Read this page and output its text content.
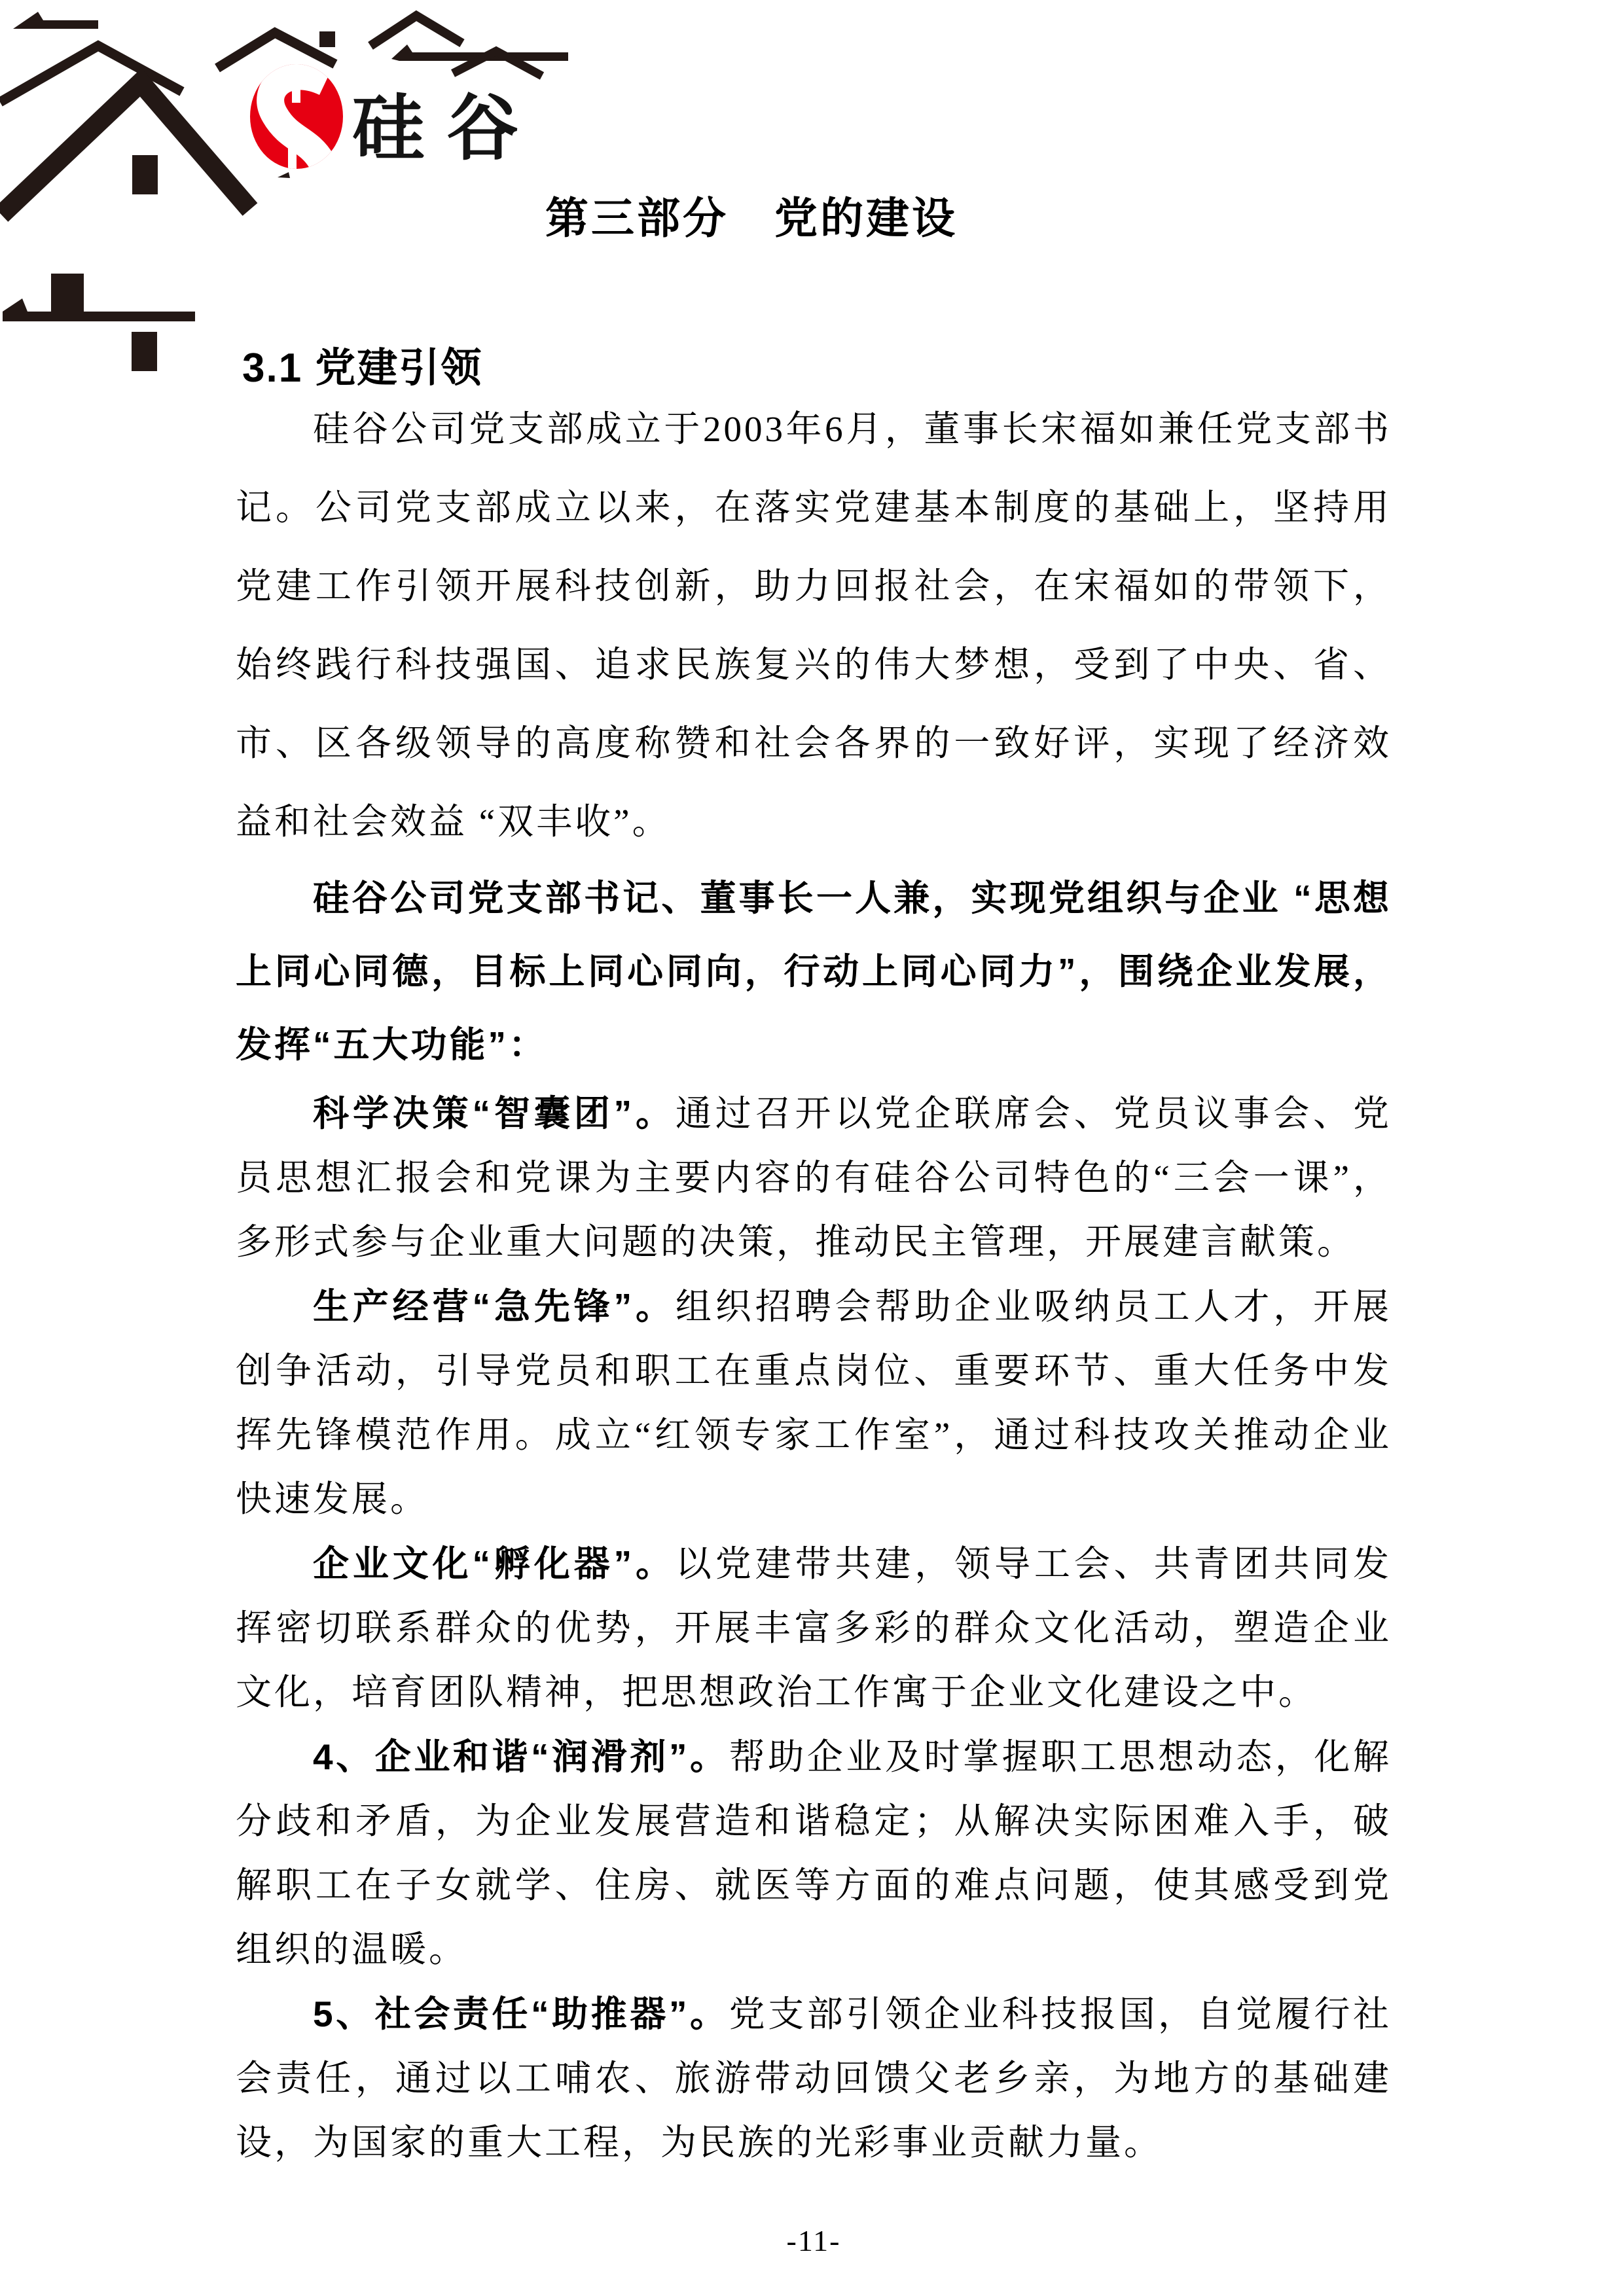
硅谷
第三部分　党的建设
3.1 党建引领

硅谷公司党支部成立于2003年6月，董事长宋福如兼任党支部书记。公司党支部成立以来，在落实党建基本制度的基础上，坚持用党建工作引领开展科技创新，助力回报社会，在宋福如的带领下，始终践行科技强国、追求民族复兴的伟大梦想，受到了中央、省、市、区各级领导的高度称赞和社会各界的一致好评，实现了经济效益和社会效益 “双丰收”。

硅谷公司党支部书记、董事长一人兼，实现党组织与企业 “思想上同心同德，目标上同心同向，行动上同心同力”，围绕企业发展，发挥“五大功能”：

科学决策“智囊团”。通过召开以党企联席会、党员议事会、党员思想汇报会和党课为主要内容的有硅谷公司特色的“三会一课”，多形式参与企业重大问题的决策，推动民主管理，开展建言献策。

生产经营“急先锋”。组织招聘会帮助企业吸纳员工人才，开展创争活动，引导党员和职工在重点岗位、重要环节、重大任务中发挥先锋模范作用。成立“红领专家工作室”，通过科技攻关推动企业快速发展。

企业文化“孵化器”。以党建带共建，领导工会、共青团共同发挥密切联系群众的优势，开展丰富多彩的群众文化活动，塑造企业文化，培育团队精神，把思想政治工作寓于企业文化建设之中。

4、企业和谐“润滑剂”。帮助企业及时掌握职工思想动态，化解分歧和矛盾，为企业发展营造和谐稳定；从解决实际困难入手，破解职工在子女就学、住房、就医等方面的难点问题，使其感受到党组织的温暖。

5、社会责任“助推器”。党支部引领企业科技报国，自觉履行社会责任，通过以工哺农、旅游带动回馈父老乡亲，为地方的基础建设，为国家的重大工程，为民族的光彩事业贡献力量。

-11-
